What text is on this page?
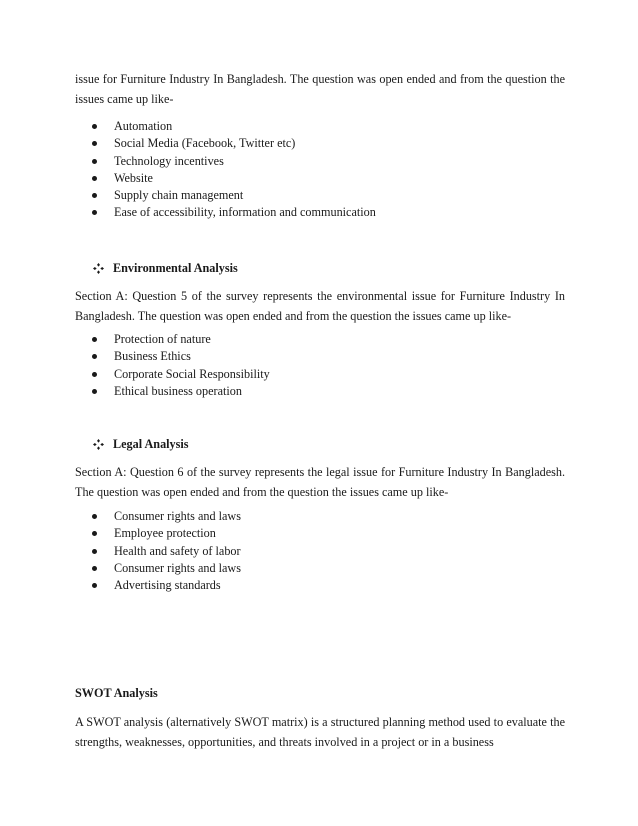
issue for Furniture Industry In Bangladesh. The question was open ended and from the question the issues came up like-

Automation
Social Media (Facebook, Twitter etc)
Technology incentives
Website
Supply chain management
Ease of accessibility, information and communication
Environmental Analysis

Section A: Question 5 of the survey represents the environmental issue for Furniture Industry In Bangladesh. The question was open ended and from the question the issues came up like-

Protection of nature
Business Ethics
Corporate Social Responsibility
Ethical business operation
Legal Analysis

Section A: Question 6 of the survey represents the legal issue for Furniture Industry In Bangladesh. The question was open ended and from the question the issues came up like-

Consumer rights and laws
Employee protection
Health and safety of labor
Consumer rights and laws
Advertising standards
SWOT Analysis

A SWOT analysis (alternatively SWOT matrix) is a structured planning method used to evaluate the strengths, weaknesses, opportunities, and threats involved in a project or in a business
